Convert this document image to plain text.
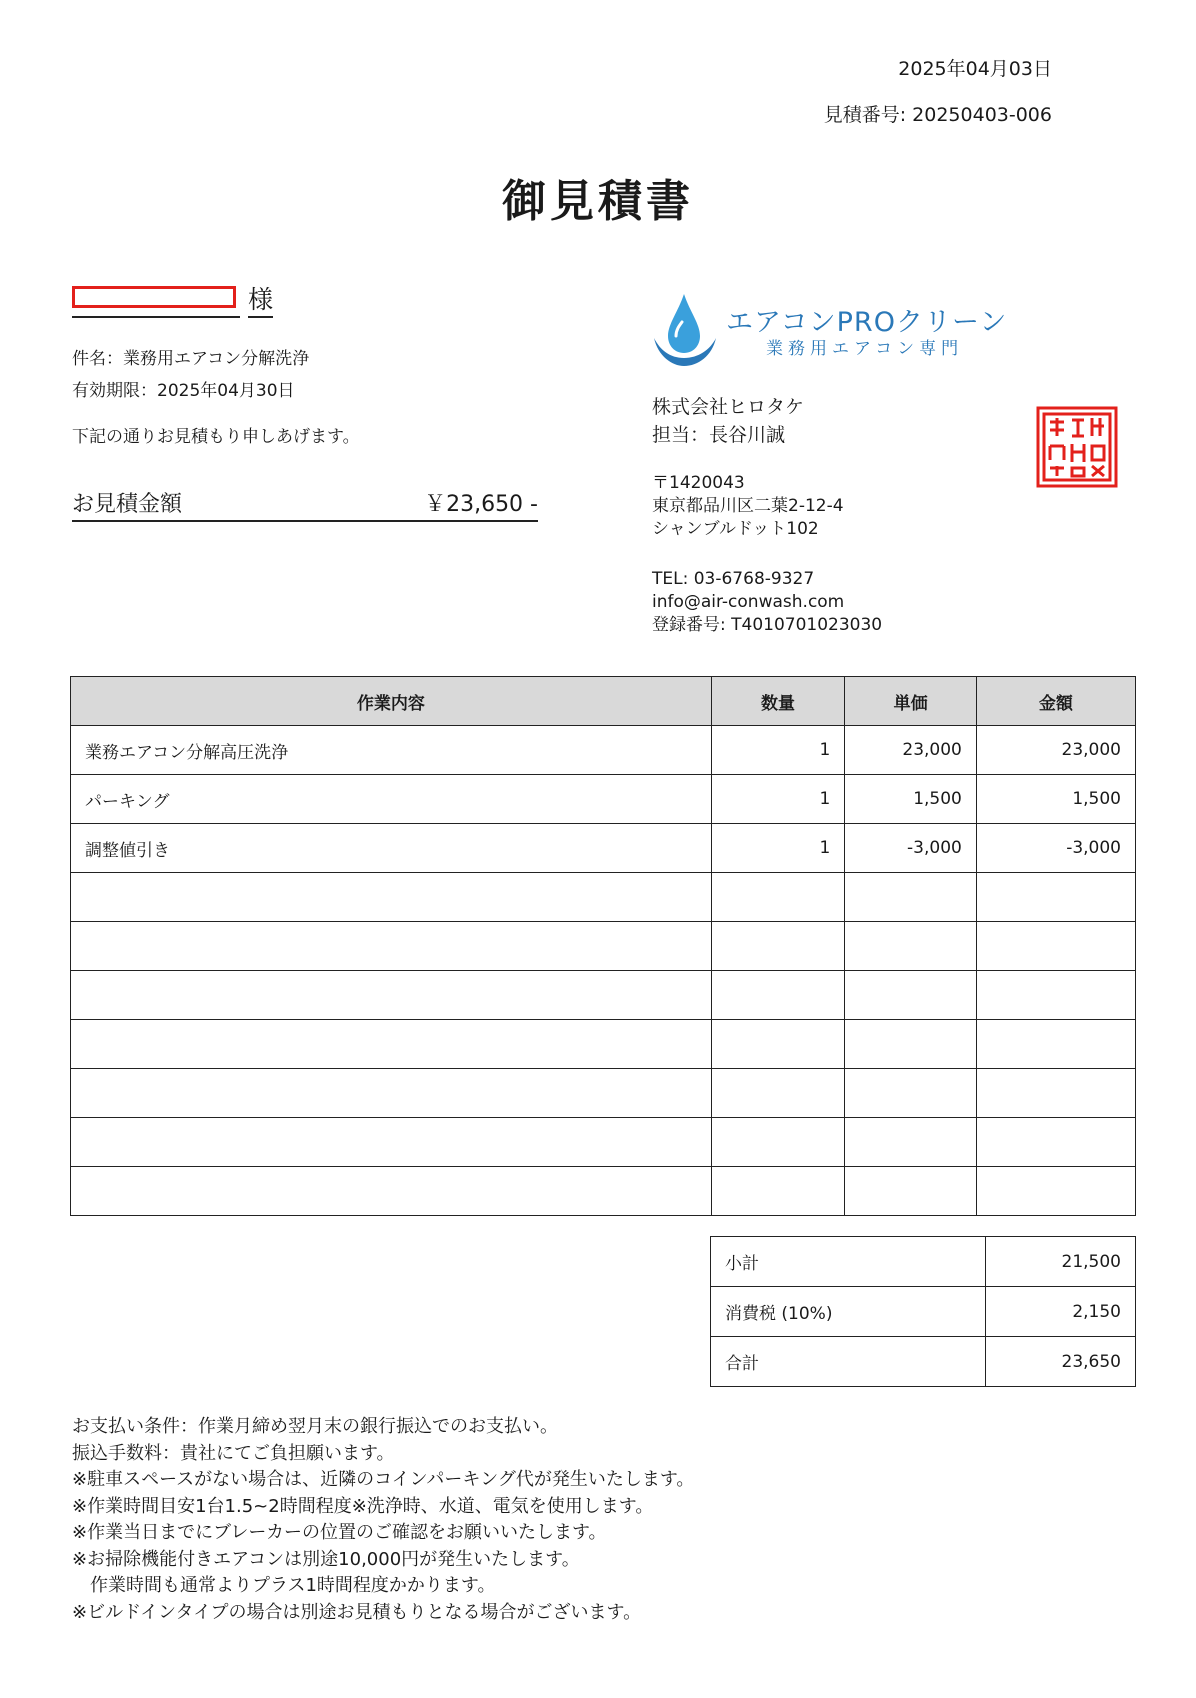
2025年04月03日
見積番号: 20250403-006
御見積書
様
件名：業務用エアコン分解洗浄
有効期限：2025年04月30日
下記の通りお見積もり申しあげます。
お見積金額	￥23,650 -
エアコンPROクリーン
業務用エアコン専門
株式会社ヒロタケ
担当：長谷川誠
〒1420043
東京都品川区二葉2-12-4
シャンブルドット102
TEL: 03-6768-9327
info@air-conwash.com
登録番号: T4010701023030
作業内容	数量	単価	金額
業務エアコン分解高圧洗浄	1	23,000	23,000
パーキング	1	1,500	1,500
調整値引き	1	-3,000	-3,000

小計	21,500
消費税 (10%)	2,150
合計	23,650
お支払い条件：作業月締め翌月末の銀行振込でのお支払い。
振込手数料：貴社にてご負担願います。
※駐車スペースがない場合は、近隣のコインパーキング代が発生いたします。
※作業時間目安1台1.5~2時間程度※洗浄時、水道、電気を使用します。
※作業当日までにブレーカーの位置のご確認をお願いいたします。
※お掃除機能付きエアコンは別途10,000円が発生いたします。
　作業時間も通常よりプラス1時間程度かかります。
※ビルドインタイプの場合は別途お見積もりとなる場合がございます。
